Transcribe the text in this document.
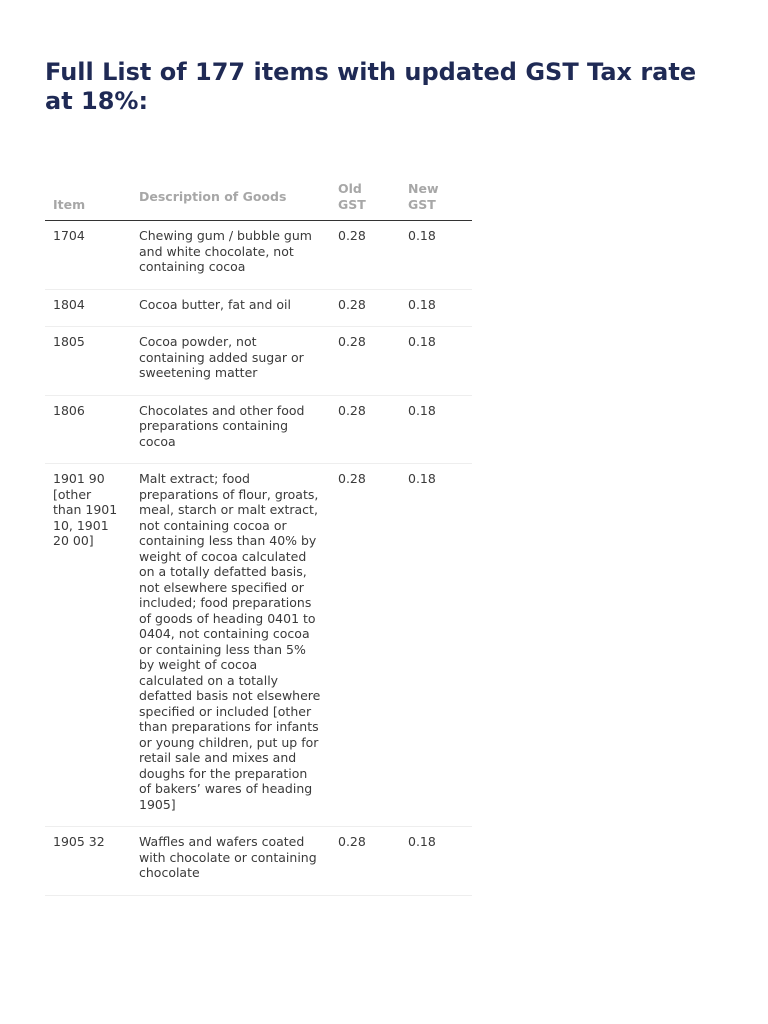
Full List of 177 items with updated GST Tax rate at 18%:
Item	Description of Goods	Old GST	New GST
1704	Chewing gum / bubble gum and white chocolate, not containing cocoa	0.28	0.18
1804	Cocoa butter, fat and oil	0.28	0.18
1805	Cocoa powder, not containing added sugar or sweetening matter	0.28	0.18
1806	Chocolates and other food preparations containing cocoa	0.28	0.18
1901 90 [other than 1901 10, 1901 20 00]	Malt extract; food preparations of flour, groats, meal, starch or malt extract, not containing cocoa or containing less than 40% by weight of cocoa calculated on a totally defatted basis, not elsewhere specified or included; food preparations of goods of heading 0401 to 0404, not containing cocoa or containing less than 5% by weight of cocoa calculated on a totally defatted basis not elsewhere specified or included [other than preparations for infants or young children, put up for retail sale and mixes and doughs for the preparation of bakers’ wares of heading 1905]	0.28	0.18
1905 32	Waffles and wafers coated with chocolate or containing chocolate	0.28	0.18
